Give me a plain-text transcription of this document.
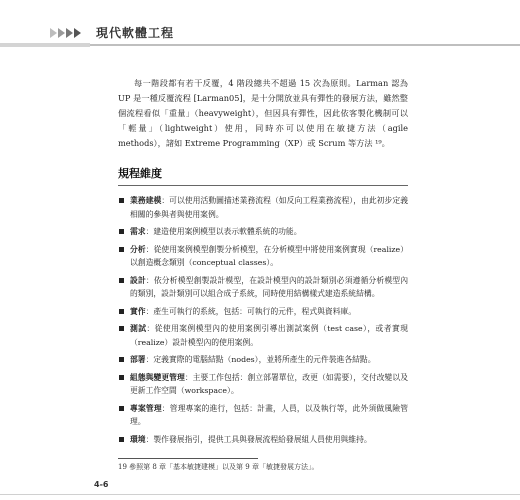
現代軟體工程

每一階段都有若干反覆，4 階段總共不超過 15 次為原則。Larman 認為 UP 是一種反覆流程 [Larman05]，是十分開放並具有彈性的發展方法，雖然整個流程看似「重量」（heavyweight），但因具有彈性，因此依客製化機制可以「輕量」（lightweight）使用，同時亦可以使用在敏捷方法（agile methods），諸如 Extreme Programming（XP）或 Scrum 等方法 ¹⁹。

規程維度
業務建模：可以使用活動圖描述業務流程（如反向工程業務流程），由此初步定義相關的參與者與使用案例。
需求：建造使用案例模型以表示軟體系統的功能。
分析：從使用案例模型創製分析模型，在分析模型中將使用案例實現（realize）以創造概念類別（conceptual classes）。
設計：依分析模型創製設計模型，在設計模型內的設計類別必須遵循分析模型內的類別，設計類別可以組合成子系統，同時使用結構樣式建造系統結構。
實作：產生可執行的系統，包括：可執行的元件，程式與資料庫。
測試：從使用案例模型內的使用案例引導出測試案例（test case），或者實現（realize）設計模型內的使用案例。
部署：定義實際的電腦結點（nodes），並將所產生的元件裝進各結點。
組態與變更管理：主要工作包括：創立部署單位，改更（如需要），交付改變以及更新工作空間（workspace）。
專案管理：管理專案的進行，包括：計畫，人員，以及執行等，此外須做風險管理。
環境：製作發展指引，提供工具與發展流程給發展組人員使用與維持。
19 參照第 8 章「基本敏捷建模」以及第 9 章「敏捷發展方法」。
4-6
